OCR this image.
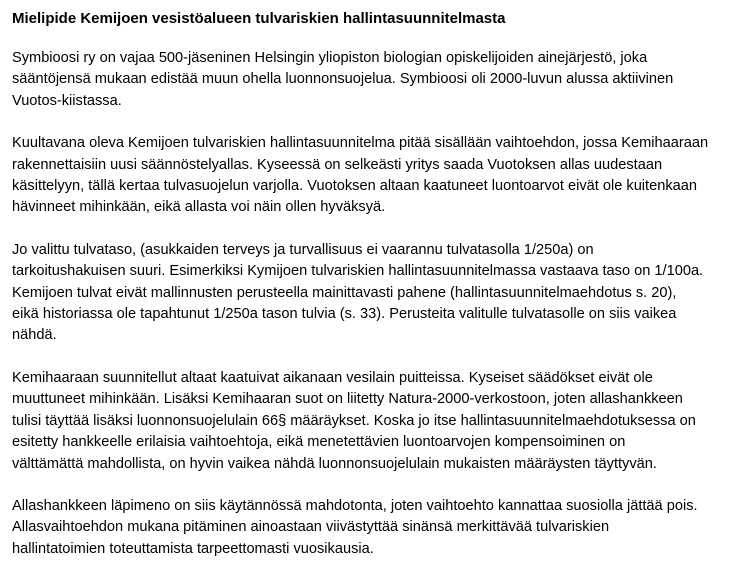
Mielipide Kemijoen vesistöalueen tulvariskien hallintasuunnitelmasta
Symbioosi ry on vajaa 500-jäseninen Helsingin yliopiston biologian opiskelijoiden ainejärjestö, joka
sääntöjensä mukaan edistää muun ohella luonnonsuojelua. Symbioosi oli 2000-luvun alussa aktiivinen
Vuotos-kiistassa.
Kuultavana oleva Kemijoen tulvariskien hallintasuunnitelma pitää sisällään vaihtoehdon, jossa Kemihaaraan
rakennettaisiin uusi säännöstelyallas. Kyseessä on selkeästi yritys saada Vuotoksen allas uudestaan
käsittelyyn, tällä kertaa tulvasuojelun varjolla. Vuotoksen altaan kaatuneet luontoarvot eivät ole kuitenkaan
hävinneet mihinkään, eikä allasta voi näin ollen hyväksyä.
Jo valittu tulvataso, (asukkaiden terveys ja turvallisuus ei vaarannu tulvatasolla 1/250a) on
tarkoitushakuisen suuri. Esimerkiksi Kymijoen tulvariskien hallintasuunnitelmassa vastaava taso on 1/100a.
Kemijoen tulvat eivät mallinnusten perusteella mainittavasti pahene (hallintasuunnitelmaehdotus s. 20),
eikä historiassa ole tapahtunut 1/250a tason tulvia (s. 33). Perusteita valitulle tulvatasolle on siis vaikea
nähdä.
Kemihaaraan suunnitellut altaat kaatuivat aikanaan vesilain puitteissa. Kyseiset säädökset eivät ole
muuttuneet mihinkään. Lisäksi Kemihaaran suot on liitetty Natura-2000-verkostoon, joten allashankkeen
tulisi täyttää lisäksi luonnonsuojelulain 66§ määräykset. Koska jo itse hallintasuunnitelmaehdotuksessa on
esitetty hankkeelle erilaisia vaihtoehtoja, eikä menetettävien luontoarvojen kompensoiminen on
välttämättä mahdollista, on hyvin vaikea nähdä luonnonsuojelulain mukaisten määräysten täyttyvän.
Allashankkeen läpimeno on siis käytännössä mahdotonta, joten vaihtoehto kannattaa suosiolla jättää pois.
Allasvaihtoehdon mukana pitäminen ainoastaan viivästyttää sinänsä merkittävää tulvariskien
hallintatoimien toteuttamista tarpeettomasti vuosikausia.
